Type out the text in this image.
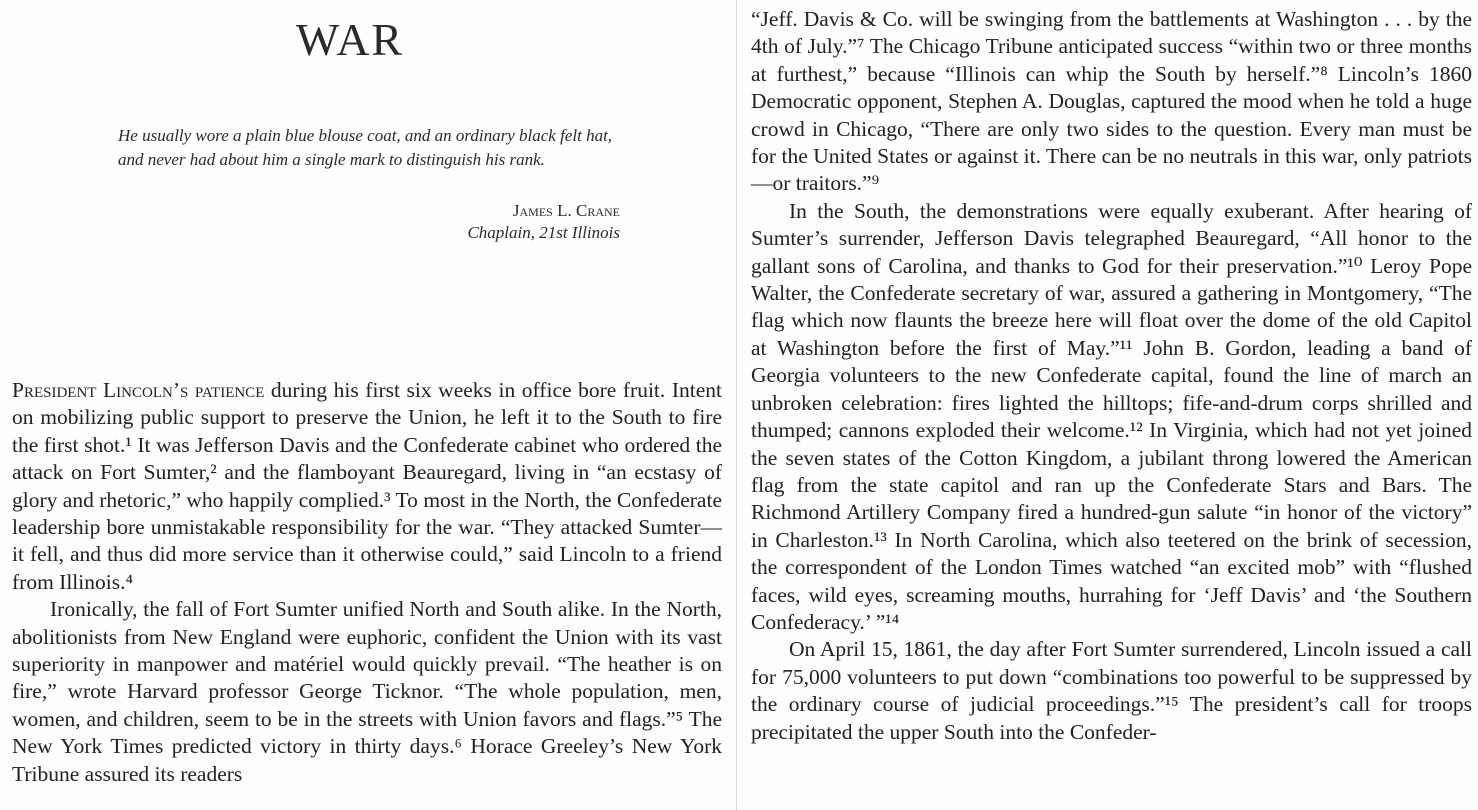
WAR
He usually wore a plain blue blouse coat, and an ordinary black felt hat, and never had about him a single mark to distinguish his rank.
James L. Crane
Chaplain, 21st Illinois

President Lincoln’s patience during his first six weeks in office bore fruit. Intent on mobilizing public support to preserve the Union, he left it to the South to fire the first shot.¹ It was Jefferson Davis and the Confederate cabinet who ordered the attack on Fort Sumter,² and the flamboyant Beauregard, living in “an ecstasy of glory and rhetoric,” who happily complied.³ To most in the North, the Confederate leadership bore unmistakable responsibility for the war. “They attacked Sumter—it fell, and thus did more service than it otherwise could,” said Lincoln to a friend from Illinois.⁴

Ironically, the fall of Fort Sumter unified North and South alike. In the North, abolitionists from New England were euphoric, confident the Union with its vast superiority in manpower and matériel would quickly prevail. “The heather is on fire,” wrote Harvard professor George Ticknor. “The whole population, men, women, and children, seem to be in the streets with Union favors and flags.”⁵ The New York Times predicted victory in thirty days.⁶ Horace Greeley’s New York Tribune assured its readers

“Jeff. Davis & Co. will be swinging from the battlements at Washington . . . by the 4th of July.”⁷ The Chicago Tribune anticipated success “within two or three months at furthest,” because “Illinois can whip the South by herself.”⁸ Lincoln’s 1860 Democratic opponent, Stephen A. Douglas, captured the mood when he told a huge crowd in Chicago, “There are only two sides to the question. Every man must be for the United States or against it. There can be no neutrals in this war, only patriots—or traitors.”⁹

In the South, the demonstrations were equally exuberant. After hearing of Sumter’s surrender, Jefferson Davis telegraphed Beauregard, “All honor to the gallant sons of Carolina, and thanks to God for their preservation.”¹⁰ Leroy Pope Walter, the Confederate secretary of war, assured a gathering in Montgomery, “The flag which now flaunts the breeze here will float over the dome of the old Capitol at Washington before the first of May.”¹¹ John B. Gordon, leading a band of Georgia volunteers to the new Confederate capital, found the line of march an unbroken celebration: fires lighted the hilltops; fife-and-drum corps shrilled and thumped; cannons exploded their welcome.¹² In Virginia, which had not yet joined the seven states of the Cotton Kingdom, a jubilant throng lowered the American flag from the state capitol and ran up the Confederate Stars and Bars. The Richmond Artillery Company fired a hundred-gun salute “in honor of the victory” in Charleston.¹³ In North Carolina, which also teetered on the brink of secession, the correspondent of the London Times watched “an excited mob” with “flushed faces, wild eyes, screaming mouths, hurrahing for ‘Jeff Davis’ and ‘the Southern Confederacy.’ ”¹⁴

On April 15, 1861, the day after Fort Sumter surrendered, Lincoln issued a call for 75,000 volunteers to put down “combinations too powerful to be suppressed by the ordinary course of judicial proceedings.”¹⁵ The president’s call for troops precipitated the upper South into the Confeder-
